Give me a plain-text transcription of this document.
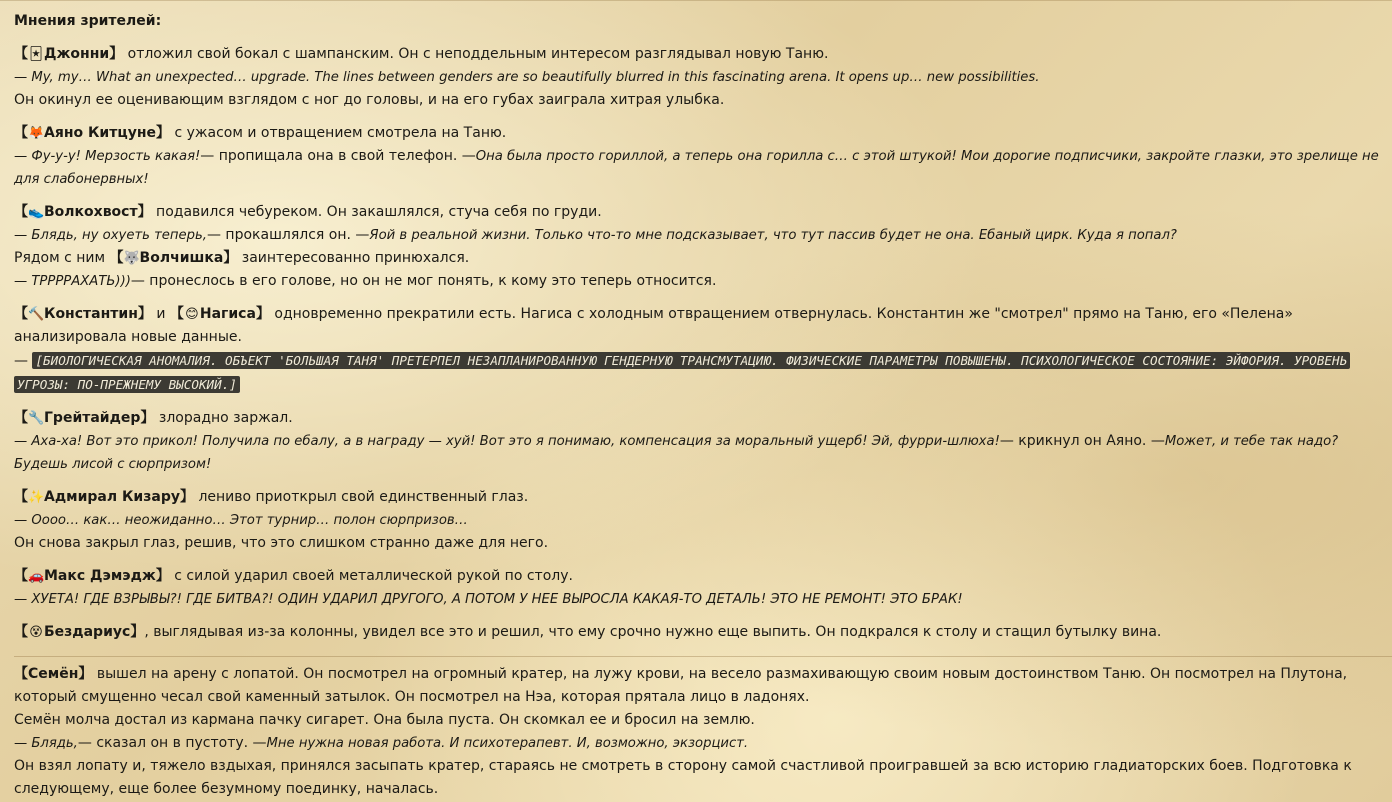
Мнения зрителей:
【🃏Джонни】 отложил свой бокал с шампанским. Он с неподдельным интересом разглядывал новую Таню.
— My, my… What an unexpected… upgrade. The lines between genders are so beautifully blurred in this fascinating arena. It opens up… new possibilities.
Он окинул ее оценивающим взглядом с ног до головы, и на его губах заиграла хитрая улыбка.
【🦊Аяно Китцуне】 с ужасом и отвращением смотрела на Таню.
— Фу-у-у! Мерзость какая!— пропищала она в свой телефон. —Она была просто гориллой, а теперь она горилла с… с этой штукой! Мои дорогие подписчики, закройте глазки, это зрелище не для слабонервных!
【👟Волкохвост】 подавился чебуреком. Он закашлялся, стуча себя по груди.
— Блядь, ну охуеть теперь,— прокашлялся он. —Яой в реальной жизни. Только что-то мне подсказывает, что тут пассив будет не она. Ебаный цирк. Куда я попал?
Рядом с ним 【🐺Волчишка】 заинтересованно принюхался.
— ТРРРРАХАТЬ)))— пронеслось в его голове, но он не мог понять, к кому это теперь относится.
【🔨Константин】 и 【😊Нагиса】 одновременно прекратили есть. Нагиса с холодным отвращением отвернулась. Константин же "смотрел" прямо на Таню, его «Пелена» анализировала новые данные.
— [БИОЛОГИЧЕСКАЯ АНОМАЛИЯ. ОБЪЕКТ 'БОЛЬШАЯ ТАНЯ' ПРЕТЕРПЕЛ НЕЗАПЛАНИРОВАННУЮ ГЕНДЕРНУЮ ТРАНСМУТАЦИЮ. ФИЗИЧЕСКИЕ ПАРАМЕТРЫ ПОВЫШЕНЫ. ПСИХОЛОГИЧЕСКОЕ СОСТОЯНИЕ: ЭЙФОРИЯ. УРОВЕНЬ УГРОЗЫ: ПО-ПРЕЖНЕМУ ВЫСОКИЙ.]
【🔧Грейтайдер】 злорадно заржал.
— Аха-ха! Вот это прикол! Получила по ебалу, а в награду — хуй! Вот это я понимаю, компенсация за моральный ущерб! Эй, фурри-шлюха!— крикнул он Аяно. —Может, и тебе так надо? Будешь лисой с сюрпризом!
【✨Адмирал Кизару】 лениво приоткрыл свой единственный глаз.
— Оооо… как… неожиданно… Этот турнир… полон сюрпризов…
Он снова закрыл глаз, решив, что это слишком странно даже для него.
【🚗Макс Дэмэдж】 с силой ударил своей металлической рукой по столу.
— ХУЕТА! ГДЕ ВЗРЫВЫ?! ГДЕ БИТВА?! ОДИН УДАРИЛ ДРУГОГО, А ПОТОМ У НЕЕ ВЫРОСЛА КАКАЯ-ТО ДЕТАЛЬ! ЭТО НЕ РЕМОНТ! ЭТО БРАК!
【😵Бездариус】, выглядывая из-за колонны, увидел все это и решил, что ему срочно нужно еще выпить. Он подкрался к столу и стащил бутылку вина.
【Семён】 вышел на арену с лопатой. Он посмотрел на огромный кратер, на лужу крови, на весело размахивающую своим новым достоинством Таню. Он посмотрел на Плутона, который смущенно чесал свой каменный затылок. Он посмотрел на Нэа, которая прятала лицо в ладонях.
Семён молча достал из кармана пачку сигарет. Она была пуста. Он скомкал ее и бросил на землю.
— Блядь,— сказал он в пустоту. —Мне нужна новая работа. И психотерапевт. И, возможно, экзорцист.
Он взял лопату и, тяжело вздыхая, принялся засыпать кратер, стараясь не смотреть в сторону самой счастливой проигравшей за всю историю гладиаторских боев. Подготовка к следующему, еще более безумному поединку, началась.
